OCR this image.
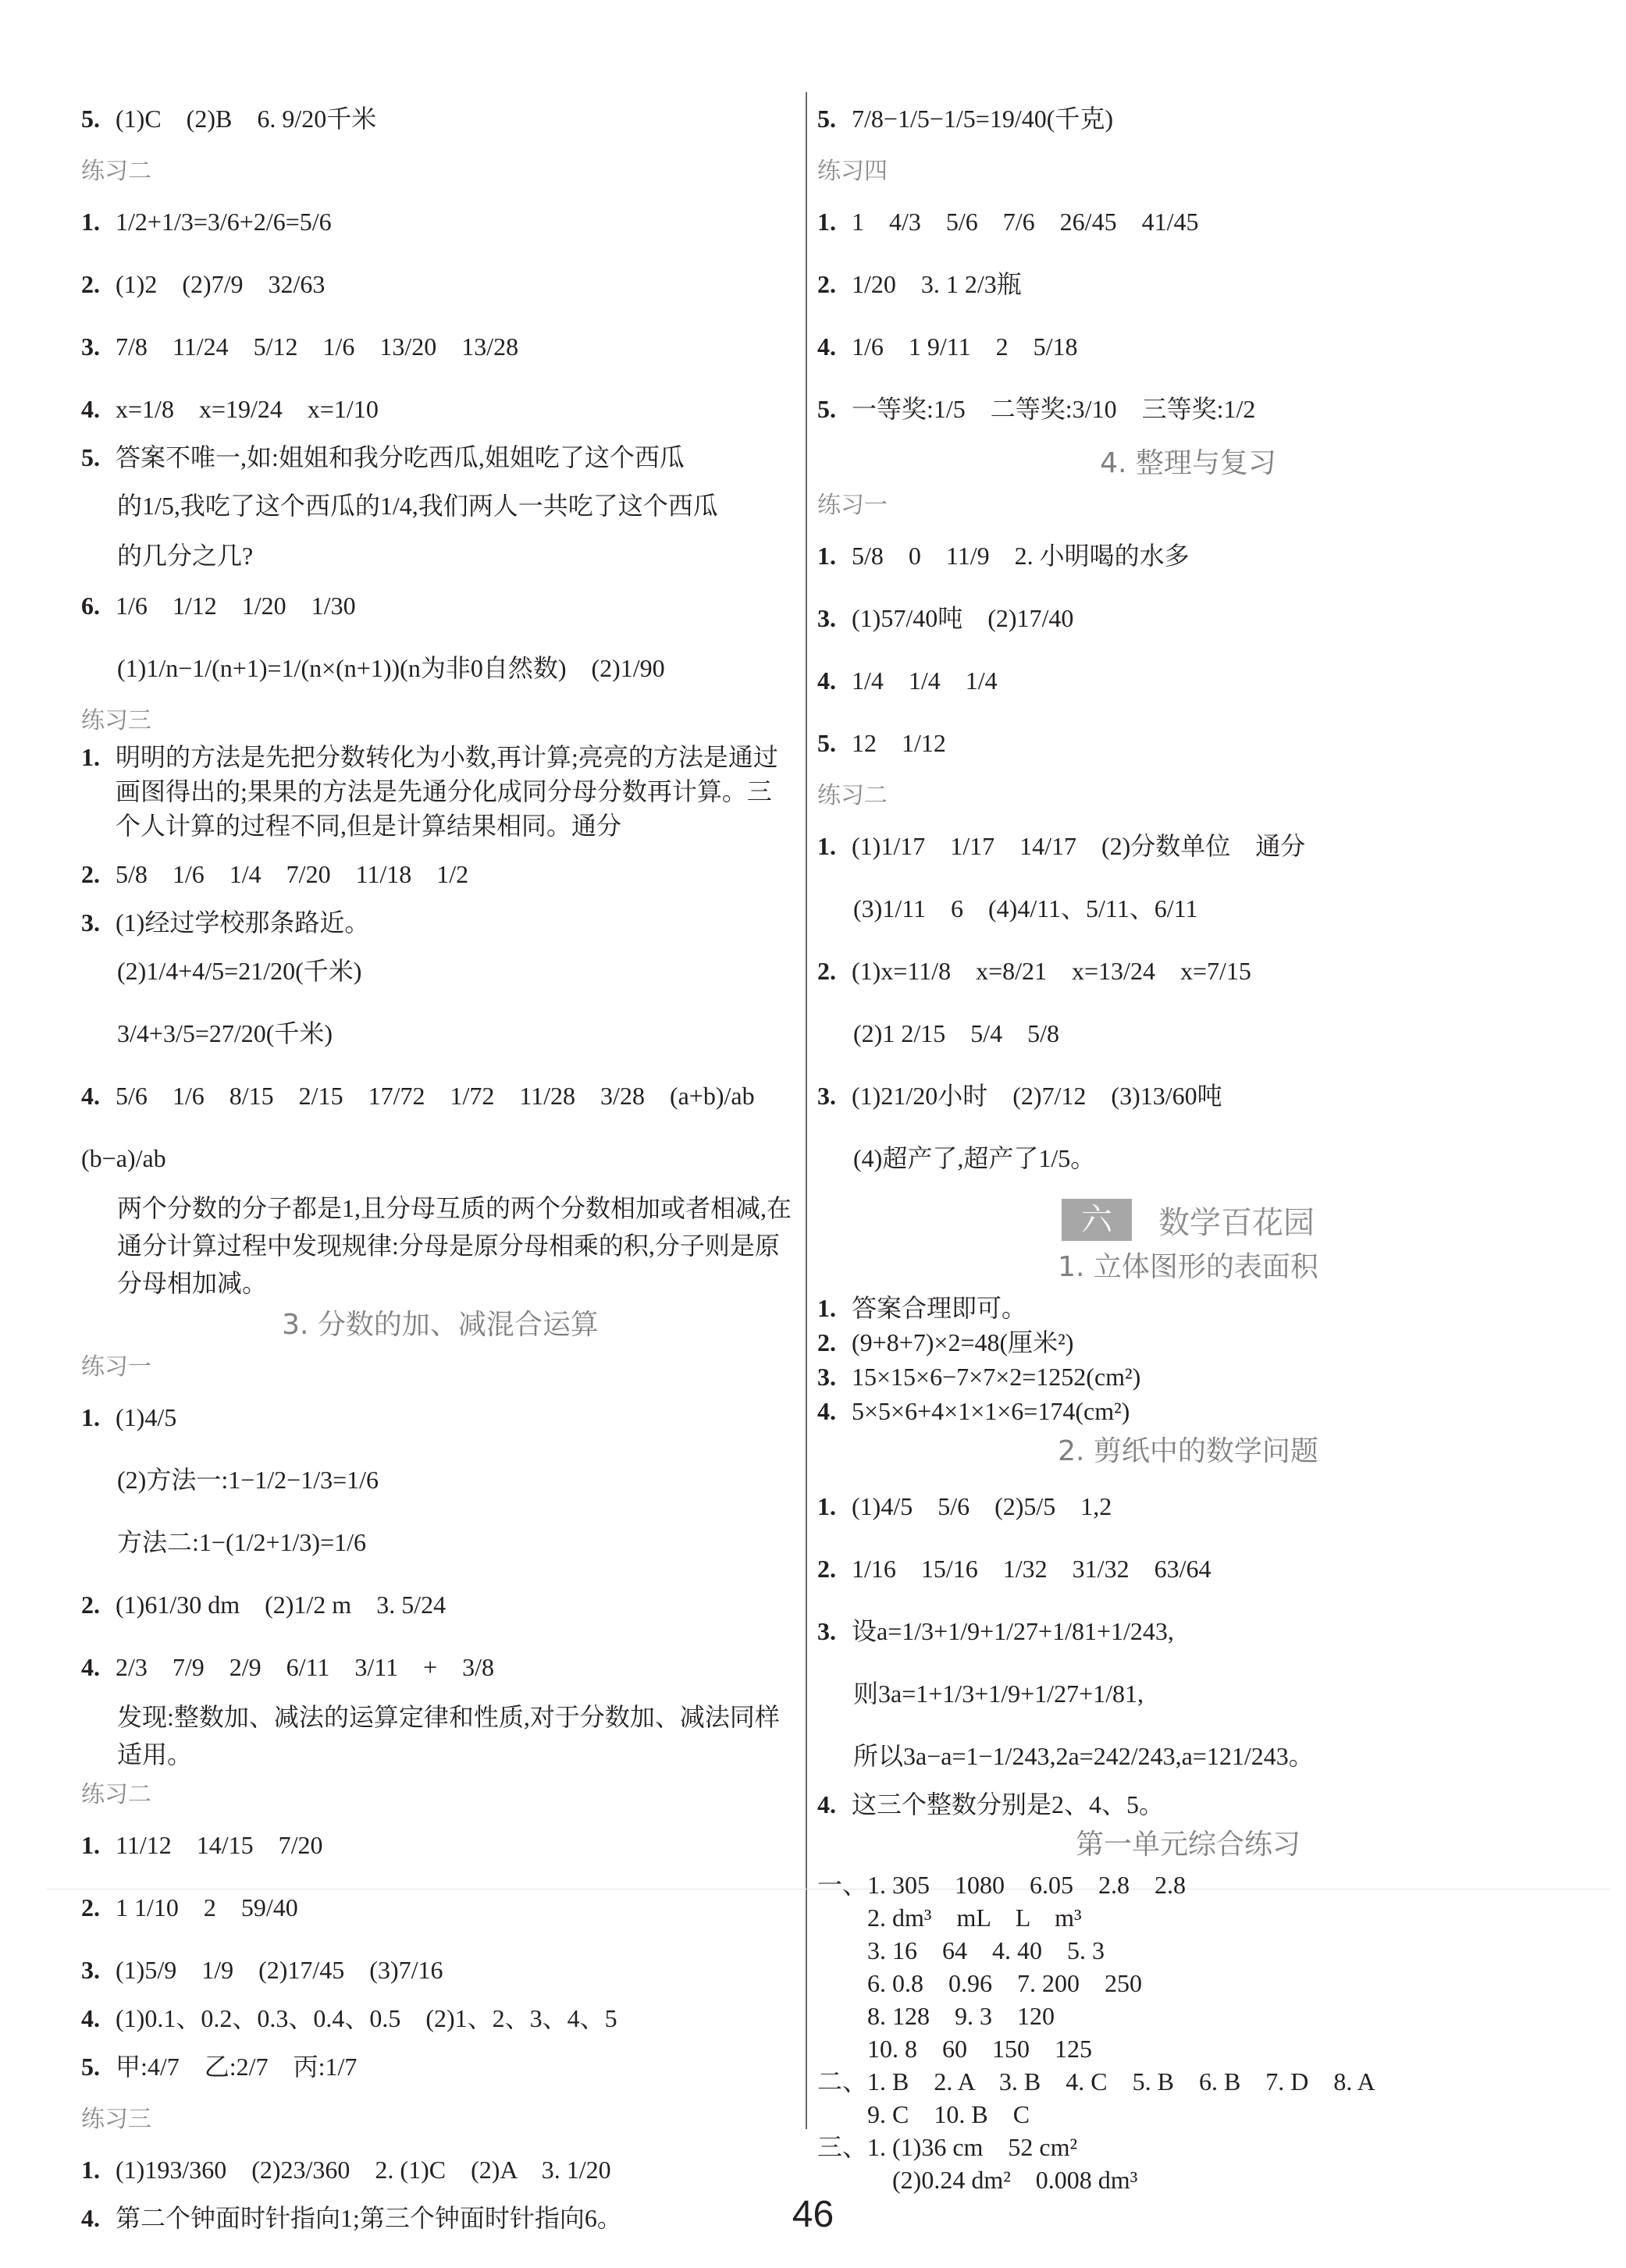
5. (1)C　(2)B　6. 9/20千米
练习二
1. 1/2+1/3=3/6+2/6=5/6
2. (1)2　(2)7/9　32/63
3. 7/8　11/24　5/12　1/6　13/20　13/28
4. x=1/8　x=19/24　x=1/10
5. 答案不唯一,如:姐姐和我分吃西瓜,姐姐吃了这个西瓜
的1/5,我吃了这个西瓜的1/4,我们两人一共吃了这个西瓜
的几分之几?
6. 1/6　1/12　1/20　1/30
(1)1/n−1/(n+1)=1/(n×(n+1))(n为非0自然数)　(2)1/90
练习三
1. 明明的方法是先把分数转化为小数,再计算;亮亮的方法是通过画图得出的;果果的方法是先通分化成同分母分数再计算。三个人计算的过程不同,但是计算结果相同。通分
2. 5/8　1/6　1/4　7/20　11/18　1/2
3. (1)经过学校那条路近。
(2)1/4+4/5=21/20(千米)
3/4+3/5=27/20(千米)
4. 5/6　1/6　8/15　2/15　17/72　1/72　11/28　3/28　(a+b)/ab　(b−a)/ab
两个分数的分子都是1,且分母互质的两个分数相加或者相减,在通分计算过程中发现规律:分母是原分母相乘的积,分子则是原分母相加减。
3. 分数的加、减混合运算
练习一
1. (1)4/5
(2)方法一:1−1/2−1/3=1/6
方法二:1−(1/2+1/3)=1/6
2. (1)61/30 dm　(2)1/2 m　3. 5/24
4. 2/3　7/9　2/9　6/11　3/11　+　3/8
发现:整数加、减法的运算定律和性质,对于分数加、减法同样适用。
练习二
1. 11/12　14/15　7/20
2. 1 1/10　2　59/40
3. (1)5/9　1/9　(2)17/45　(3)7/16
4. (1)0.1、0.2、0.3、0.4、0.5　(2)1、2、3、4、5
5. 甲:4/7　乙:2/7　丙:1/7
练习三
1. (1)193/360　(2)23/360　2. (1)C　(2)A　3. 1/20
4. 第二个钟面时针指向1;第三个钟面时针指向6。
5. 7/8−1/5−1/5=19/40(千克)
练习四
1. 1　4/3　5/6　7/6　26/45　41/45
2. 1/20　3. 1 2/3瓶
4. 1/6　1 9/11　2　5/18
5. 一等奖:1/5　二等奖:3/10　三等奖:1/2
4. 整理与复习
练习一
1. 5/8　0　11/9　2. 小明喝的水多
3. (1)57/40吨　(2)17/40
4. 1/4　1/4　1/4
5. 12　1/12
练习二
1. (1)1/17　1/17　14/17　(2)分数单位　通分
(3)1/11　6　(4)4/11、5/11、6/11
2. (1)x=11/8　x=8/21　x=13/24　x=7/15
(2)1 2/15　5/4　5/8
3. (1)21/20小时　(2)7/12　(3)13/60吨
(4)超产了,超产了1/5。
六	数学百花园
1. 立体图形的表面积
1. 答案合理即可。
2. (9+8+7)×2=48(厘米²)
3. 15×15×6−7×7×2=1252(cm²)
4. 5×5×6+4×1×1×6=174(cm²)
2. 剪纸中的数学问题
1. (1)4/5　5/6　(2)5/5　1,2
2. 1/16　15/16　1/32　31/32　63/64
3. 设a=1/3+1/9+1/27+1/81+1/243,
则3a=1+1/3+1/9+1/27+1/81,
所以3a−a=1−1/243,2a=242/243,a=121/243。
4. 这三个整数分别是2、4、5。
第一单元综合练习
一、1. 305　1080　6.05　2.8　2.8
　　2. dm³　mL　L　m³
　　3. 16　64　4. 40　5. 3
　　6. 0.8　0.96　7. 200　250
　　8. 128　9. 3　120
　　10. 8　60　150　125
二、1. B　2. A　3. B　4. C　5. B　6. B　7. D　8. A
　　9. C　10. B　C
三、1. (1)36 cm　52 cm²
　　　(2)0.24 dm²　0.008 dm³
46
